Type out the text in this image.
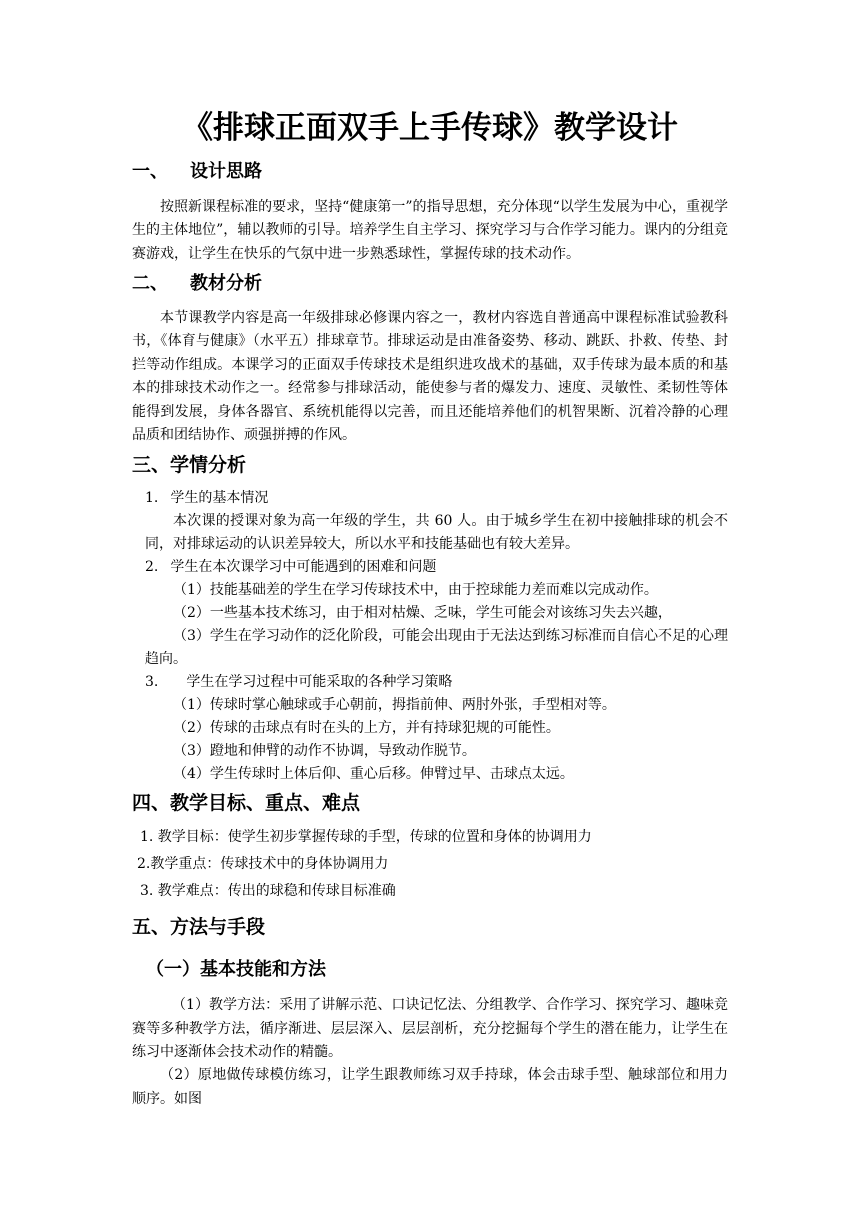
《排球正面双手上手传球》教学设计
一、 设计思路

按照新课程标准的要求，坚持“健康第一”的指导思想，充分体现“以学生发展为中心，重视学生的主体地位”，辅以教师的引导。培养学生自主学习、探究学习与合作学习能力。课内的分组竞赛游戏，让学生在快乐的气氛中进一步熟悉球性，掌握传球的技术动作。

二、 教材分析

本节课教学内容是高一年级排球必修课内容之一，教材内容选自普通高中课程标准试验教科书，《体育与健康》（水平五）排球章节。排球运动是由准备姿势、移动、跳跃、扑救、传垫、封拦等动作组成。本课学习的正面双手传球技术是组织进攻战术的基础，双手传球为最本质的和基本的排球技术动作之一。经常参与排球活动，能使参与者的爆发力、速度、灵敏性、柔韧性等体能得到发展，身体各器官、系统机能得以完善，而且还能培养他们的机智果断、沉着冷静的心理品质和团结协作、顽强拼搏的作风。

三、学情分析
1. 学生的基本情况

本次课的授课对象为高一年级的学生，共 60 人。由于城乡学生在初中接触排球的机会不同，对排球运动的认识差异较大，所以水平和技能基础也有较大差异。

2. 学生在本次课学习中可能遇到的困难和问题
（1）技能基础差的学生在学习传球技术中，由于控球能力差而难以完成动作。
（2）一些基本技术练习，由于相对枯燥、乏味，学生可能会对该练习失去兴趣，

（3）学生在学习动作的泛化阶段，可能会出现由于无法达到练习标准而自信心不足的心理趋向。

3. 学生在学习过程中可能采取的各种学习策略
（1）传球时掌心触球或手心朝前，拇指前伸、两肘外张，手型相对等。
（2）传球的击球点有时在头的上方，并有持球犯规的可能性。
（3）蹬地和伸臂的动作不协调，导致动作脱节。
（4）学生传球时上体后仰、重心后移。伸臂过早、击球点太远。
四、教学目标、重点、难点
1. 教学目标：使学生初步掌握传球的手型，传球的位置和身体的协调用力
2.教学重点：传球技术中的身体协调用力
3. 教学难点：传出的球稳和传球目标准确
五、方法与手段
（一）基本技能和方法

（1）教学方法：采用了讲解示范、口诀记忆法、分组教学、合作学习、探究学习、趣味竞赛等多种教学方法，循序渐进、层层深入、层层剖析，充分挖掘每个学生的潜在能力，让学生在练习中逐渐体会技术动作的精髓。

（2）原地做传球模仿练习，让学生跟教师练习双手持球，体会击球手型、触球部位和用力顺序。如图
